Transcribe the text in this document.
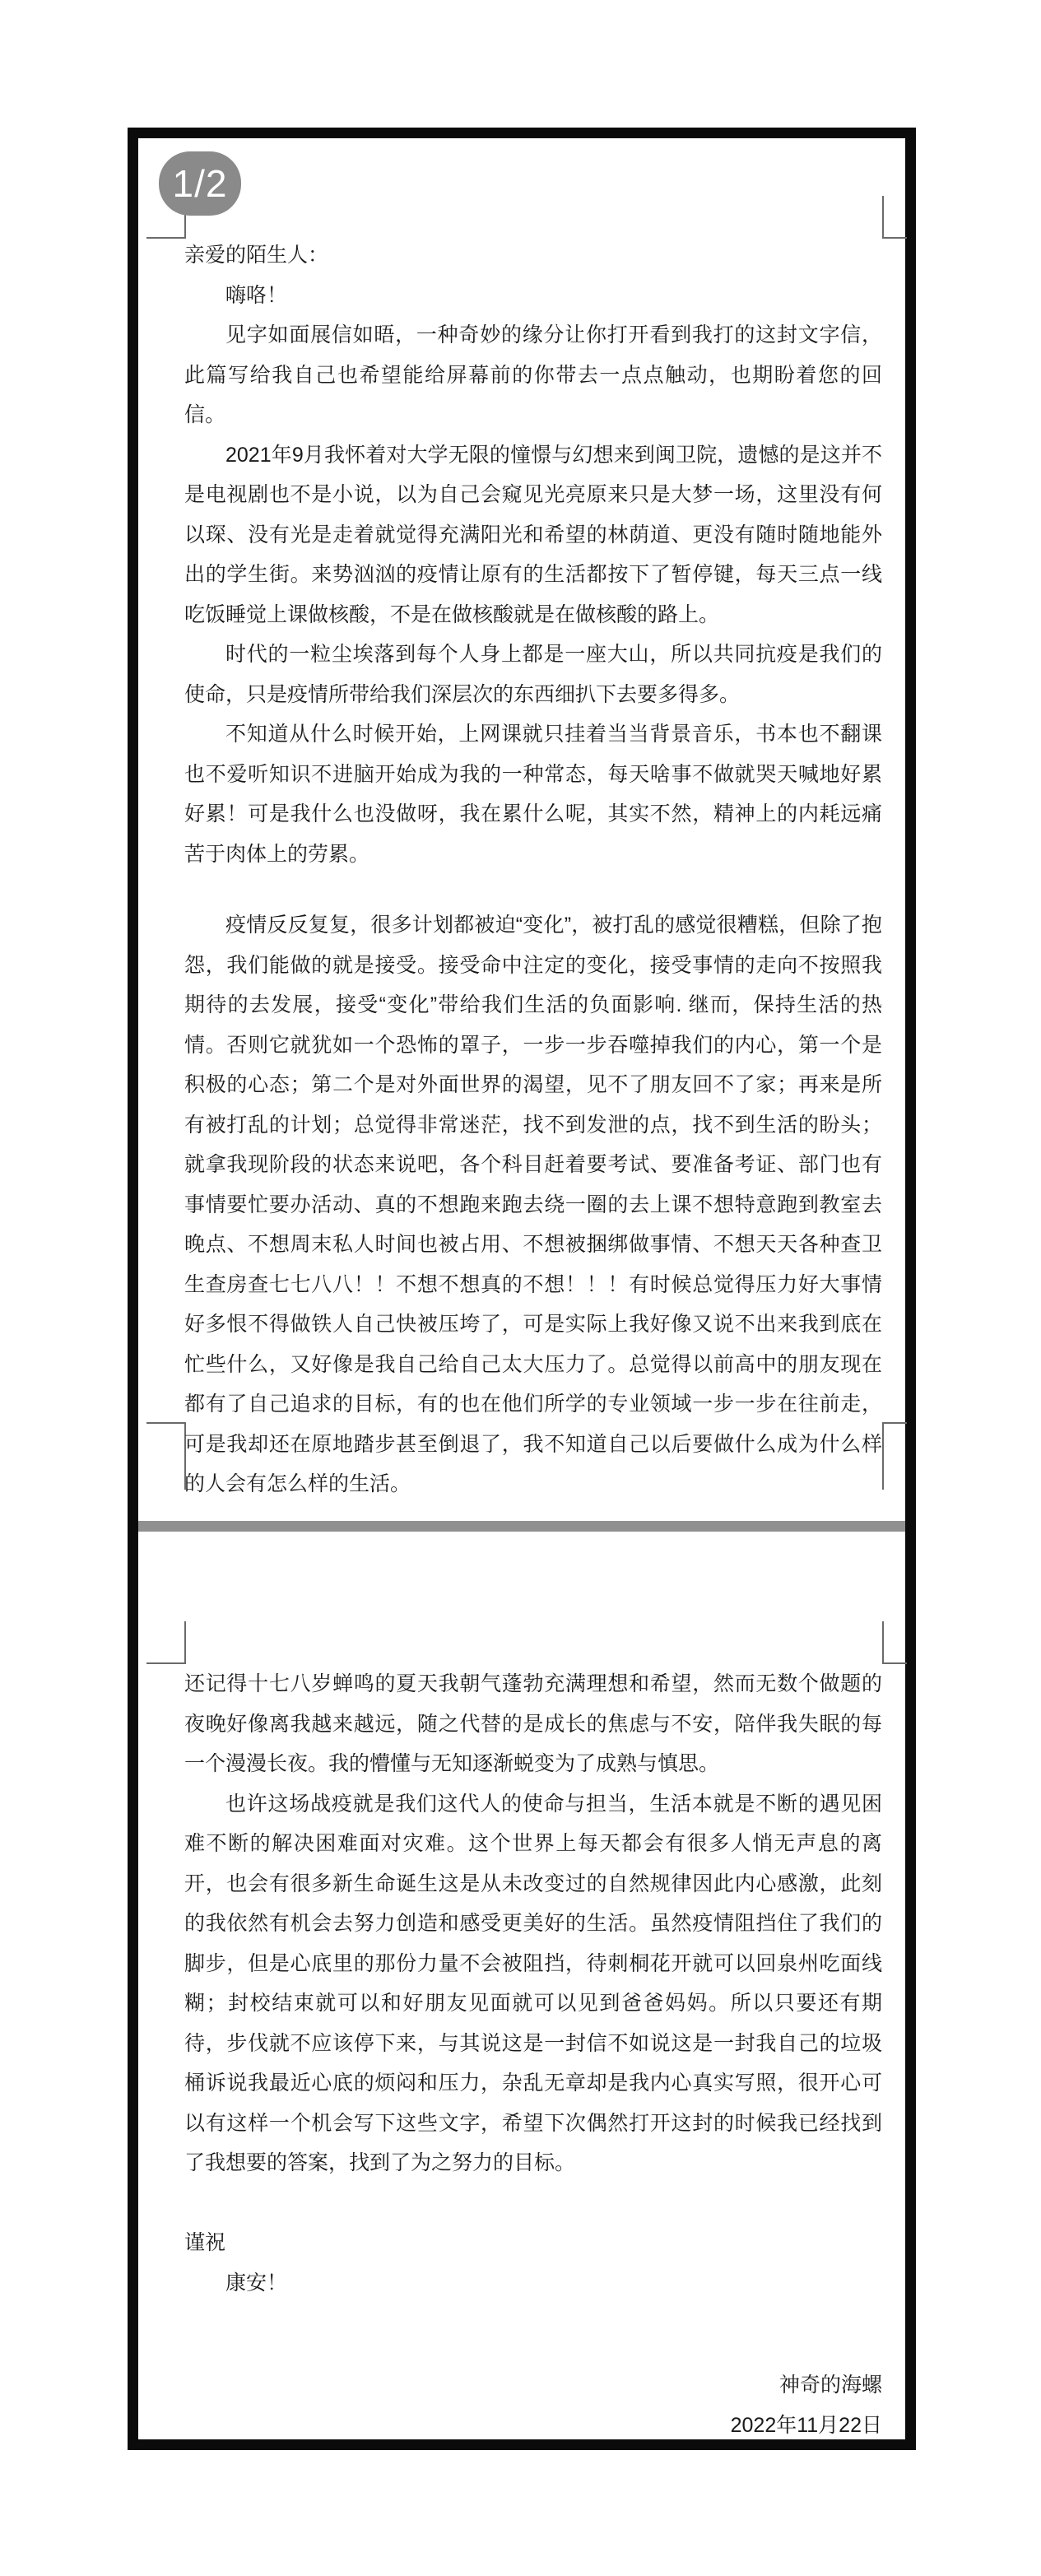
1/2

亲爱的陌生人：

嗨咯！

见字如面展信如晤，一种奇妙的缘分让你打开看到我打的这封文字信，此篇写给我自己也希望能给屏幕前的你带去一点点触动，也期盼着您的回信。

2021年9月我怀着对大学无限的憧憬与幻想来到闽卫院，遗憾的是这并不是电视剧也不是小说，以为自己会窥见光亮原来只是大梦一场，这里没有何以琛、没有光是走着就觉得充满阳光和希望的林荫道、更没有随时随地能外出的学生街。来势汹汹的疫情让原有的生活都按下了暂停键，每天三点一线吃饭睡觉上课做核酸，不是在做核酸就是在做核酸的路上。

时代的一粒尘埃落到每个人身上都是一座大山，所以共同抗疫是我们的使命，只是疫情所带给我们深层次的东西细扒下去要多得多。

不知道从什么时候开始，上网课就只挂着当当背景音乐，书本也不翻课也不爱听知识不进脑开始成为我的一种常态，每天啥事不做就哭天喊地好累好累！可是我什么也没做呀，我在累什么呢，其实不然，精神上的内耗远痛苦于肉体上的劳累。

疫情反反复复，很多计划都被迫“变化”，被打乱的感觉很糟糕，但除了抱怨，我们能做的就是接受。接受命中注定的变化，接受事情的走向不按照我期待的去发展，接受“变化”带给我们生活的负面影响. 继而，保持生活的热情。否则它就犹如一个恐怖的罩子，一步一步吞噬掉我们的内心，第一个是积极的心态；第二个是对外面世界的渴望，见不了朋友回不了家；再来是所有被打乱的计划；总觉得非常迷茫，找不到发泄的点，找不到生活的盼头；就拿我现阶段的状态来说吧，各个科目赶着要考试、要准备考证、部门也有事情要忙要办活动、真的不想跑来跑去绕一圈的去上课不想特意跑到教室去晚点、不想周末私人时间也被占用、不想被捆绑做事情、不想天天各种查卫生查房查七七八八！！不想不想真的不想！！！有时候总觉得压力好大事情好多恨不得做铁人自己快被压垮了，可是实际上我好像又说不出来我到底在忙些什么，又好像是我自己给自己太大压力了。总觉得以前高中的朋友现在都有了自己追求的目标，有的也在他们所学的专业领域一步一步在往前走，可是我却还在原地踏步甚至倒退了，我不知道自己以后要做什么成为什么样的人会有怎么样的生活。

还记得十七八岁蝉鸣的夏天我朝气蓬勃充满理想和希望，然而无数个做题的夜晚好像离我越来越远，随之代替的是成长的焦虑与不安，陪伴我失眠的每一个漫漫长夜。我的懵懂与无知逐渐蜕变为了成熟与慎思。

也许这场战疫就是我们这代人的使命与担当，生活本就是不断的遇见困难不断的解决困难面对灾难。这个世界上每天都会有很多人悄无声息的离开，也会有很多新生命诞生这是从未改变过的自然规律因此内心感激，此刻的我依然有机会去努力创造和感受更美好的生活。虽然疫情阻挡住了我们的脚步，但是心底里的那份力量不会被阻挡，待刺桐花开就可以回泉州吃面线糊；封校结束就可以和好朋友见面就可以见到爸爸妈妈。所以只要还有期待，步伐就不应该停下来，与其说这是一封信不如说这是一封我自己的垃圾桶诉说我最近心底的烦闷和压力，杂乱无章却是我内心真实写照，很开心可以有这样一个机会写下这些文字，希望下次偶然打开这封的时候我已经找到了我想要的答案，找到了为之努力的目标。

谨祝

康安！

神奇的海螺

2022年11月22日
